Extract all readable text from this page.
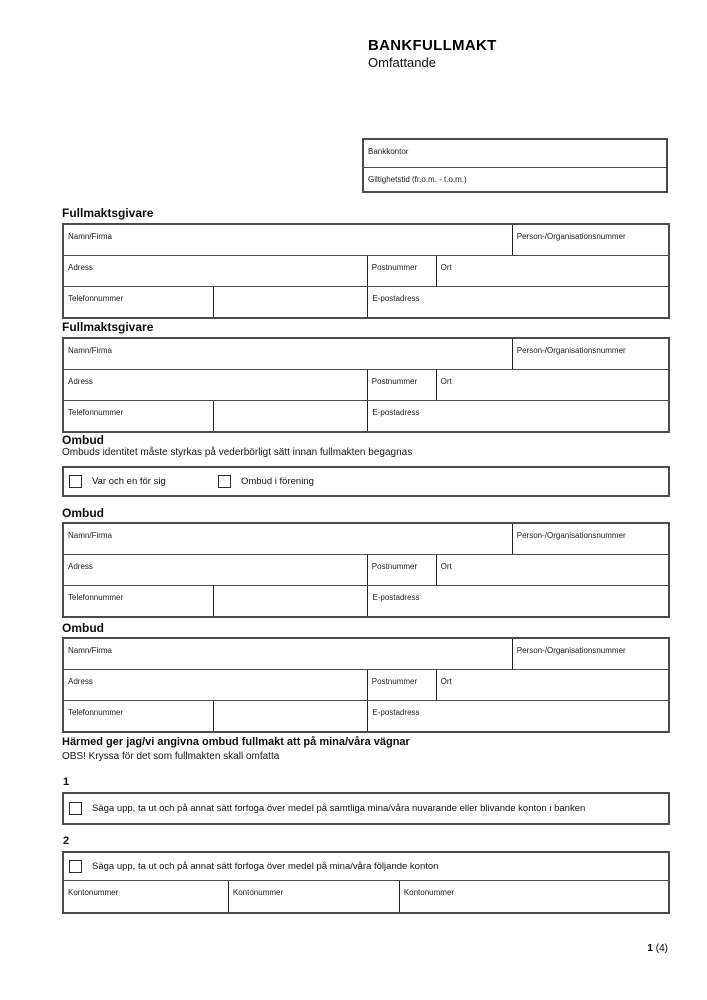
BANKFULLMAKT
Omfattande
Bankkontor
Giltighetstid (fr.o.m. - t.o.m.)
Fullmaktsgivare
Namn/Firma	Person-/Organisationsnummer
Adress	Postnummer	Ort
Telefonnummer	E-postadress
Fullmaktsgivare
Namn/Firma	Person-/Organisationsnummer
Adress	Postnummer	Ort
Telefonnummer	E-postadress
Ombud
Ombuds identitet måste styrkas på vederbörligt sätt innan fullmakten begagnas
Var och en för sig	Ombud i förening
Ombud
Namn/Firma	Person-/Organisationsnummer
Adress	Postnummer	Ort
Telefonnummer	E-postadress
Ombud
Namn/Firma	Person-/Organisationsnummer
Adress	Postnummer	Ort
Telefonnummer	E-postadress
Härmed ger jag/vi angivna ombud fullmakt att på mina/våra vägnar
OBS! Kryssa för det som fullmakten skall omfatta
1
Säga upp, ta ut och på annat sätt forfoga över medel på samtliga mina/våra nuvarande eller blivande konton i banken
2
Säga upp, ta ut och på annat sätt forfoga över medel på mina/våra följande konton
Kontonummer	Kontonummer	Kontonummer
1 (4)
